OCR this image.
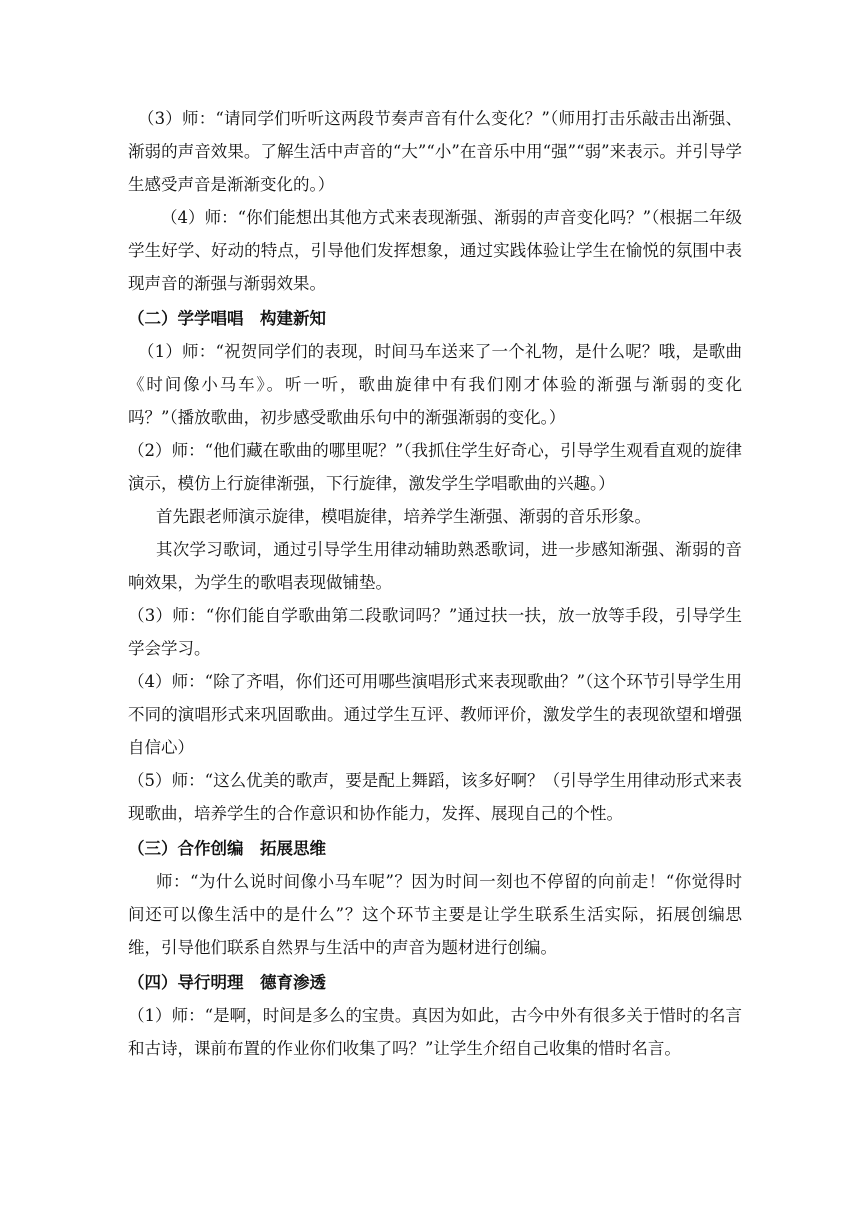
（3）师：“请同学们听听这两段节奏声音有什么变化？”（师用打击乐敲击出渐强、渐弱的声音效果。了解生活中声音的“大”“小”在音乐中用“强”“弱”来表示。并引导学生感受声音是渐渐变化的。）

（4）师：“你们能想出其他方式来表现渐强、渐弱的声音变化吗？”（根据二年级学生好学、好动的特点，引导他们发挥想象，通过实践体验让学生在愉悦的氛围中表现声音的渐强与渐弱效果。

（二）学学唱唱　构建新知

（1）师：“祝贺同学们的表现，时间马车送来了一个礼物，是什么呢？哦，是歌曲《时间像小马车》。听一听，歌曲旋律中有我们刚才体验的渐强与渐弱的变化吗？”（播放歌曲，初步感受歌曲乐句中的渐强渐弱的变化。）

（2）师：“他们藏在歌曲的哪里呢？”（我抓住学生好奇心，引导学生观看直观的旋律演示，模仿上行旋律渐强，下行旋律，激发学生学唱歌曲的兴趣。）

首先跟老师演示旋律，模唱旋律，培养学生渐强、渐弱的音乐形象。

其次学习歌词，通过引导学生用律动辅助熟悉歌词，进一步感知渐强、渐弱的音响效果，为学生的歌唱表现做铺垫。

（3）师：“你们能自学歌曲第二段歌词吗？”通过扶一扶，放一放等手段，引导学生学会学习。

（4）师：“除了齐唱，你们还可用哪些演唱形式来表现歌曲？”（这个环节引导学生用不同的演唱形式来巩固歌曲。通过学生互评、教师评价，激发学生的表现欲望和增强自信心）

（5）师：“这么优美的歌声，要是配上舞蹈，该多好啊？（引导学生用律动形式来表现歌曲，培养学生的合作意识和协作能力，发挥、展现自己的个性。

（三）合作创编　拓展思维

师：“为什么说时间像小马车呢”？因为时间一刻也不停留的向前走！“你觉得时间还可以像生活中的是什么”？这个环节主要是让学生联系生活实际，拓展创编思维，引导他们联系自然界与生活中的声音为题材进行创编。

（四）导行明理　德育渗透

（1）师：“是啊，时间是多么的宝贵。真因为如此，古今中外有很多关于惜时的名言和古诗，课前布置的作业你们收集了吗？”让学生介绍自己收集的惜时名言。
